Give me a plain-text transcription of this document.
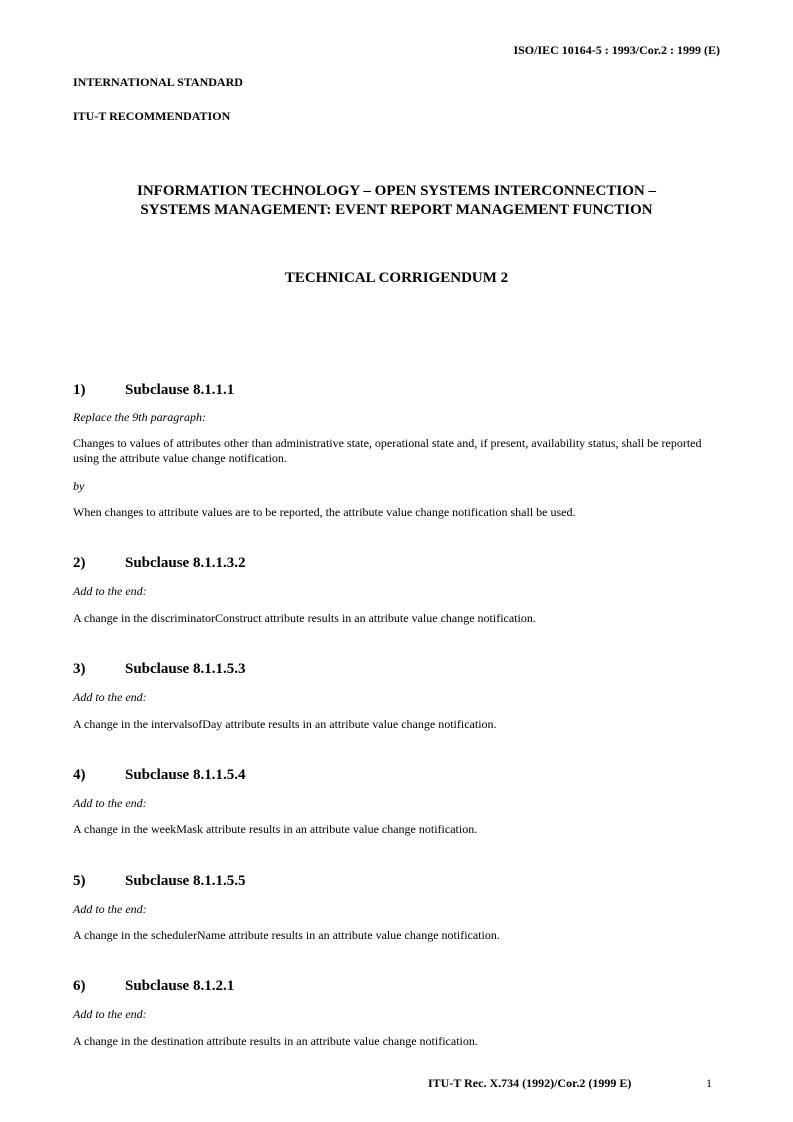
ISO/IEC 10164-5 : 1993/Cor.2 : 1999 (E)
INTERNATIONAL STANDARD
ITU-T RECOMMENDATION
INFORMATION TECHNOLOGY – OPEN SYSTEMS INTERCONNECTION –
SYSTEMS MANAGEMENT: EVENT REPORT MANAGEMENT FUNCTION
TECHNICAL CORRIGENDUM 2
1)	Subclause 8.1.1.1
Replace the 9th paragraph:
Changes to values of attributes other than administrative state, operational state and, if present, availability status, shall be reported using the attribute value change notification.
by
When changes to attribute values are to be reported, the attribute value change notification shall be used.
2)	Subclause 8.1.1.3.2
Add to the end:
A change in the discriminatorConstruct attribute results in an attribute value change notification.
3)	Subclause 8.1.1.5.3
Add to the end:
A change in the intervalsofDay attribute results in an attribute value change notification.
4)	Subclause 8.1.1.5.4
Add to the end:
A change in the weekMask attribute results in an attribute value change notification.
5)	Subclause 8.1.1.5.5
Add to the end:
A change in the schedulerName attribute results in an attribute value change notification.
6)	Subclause 8.1.2.1
Add to the end:
A change in the destination attribute results in an attribute value change notification.
ITU-T Rec. X.734 (1992)/Cor.2 (1999 E)	1
